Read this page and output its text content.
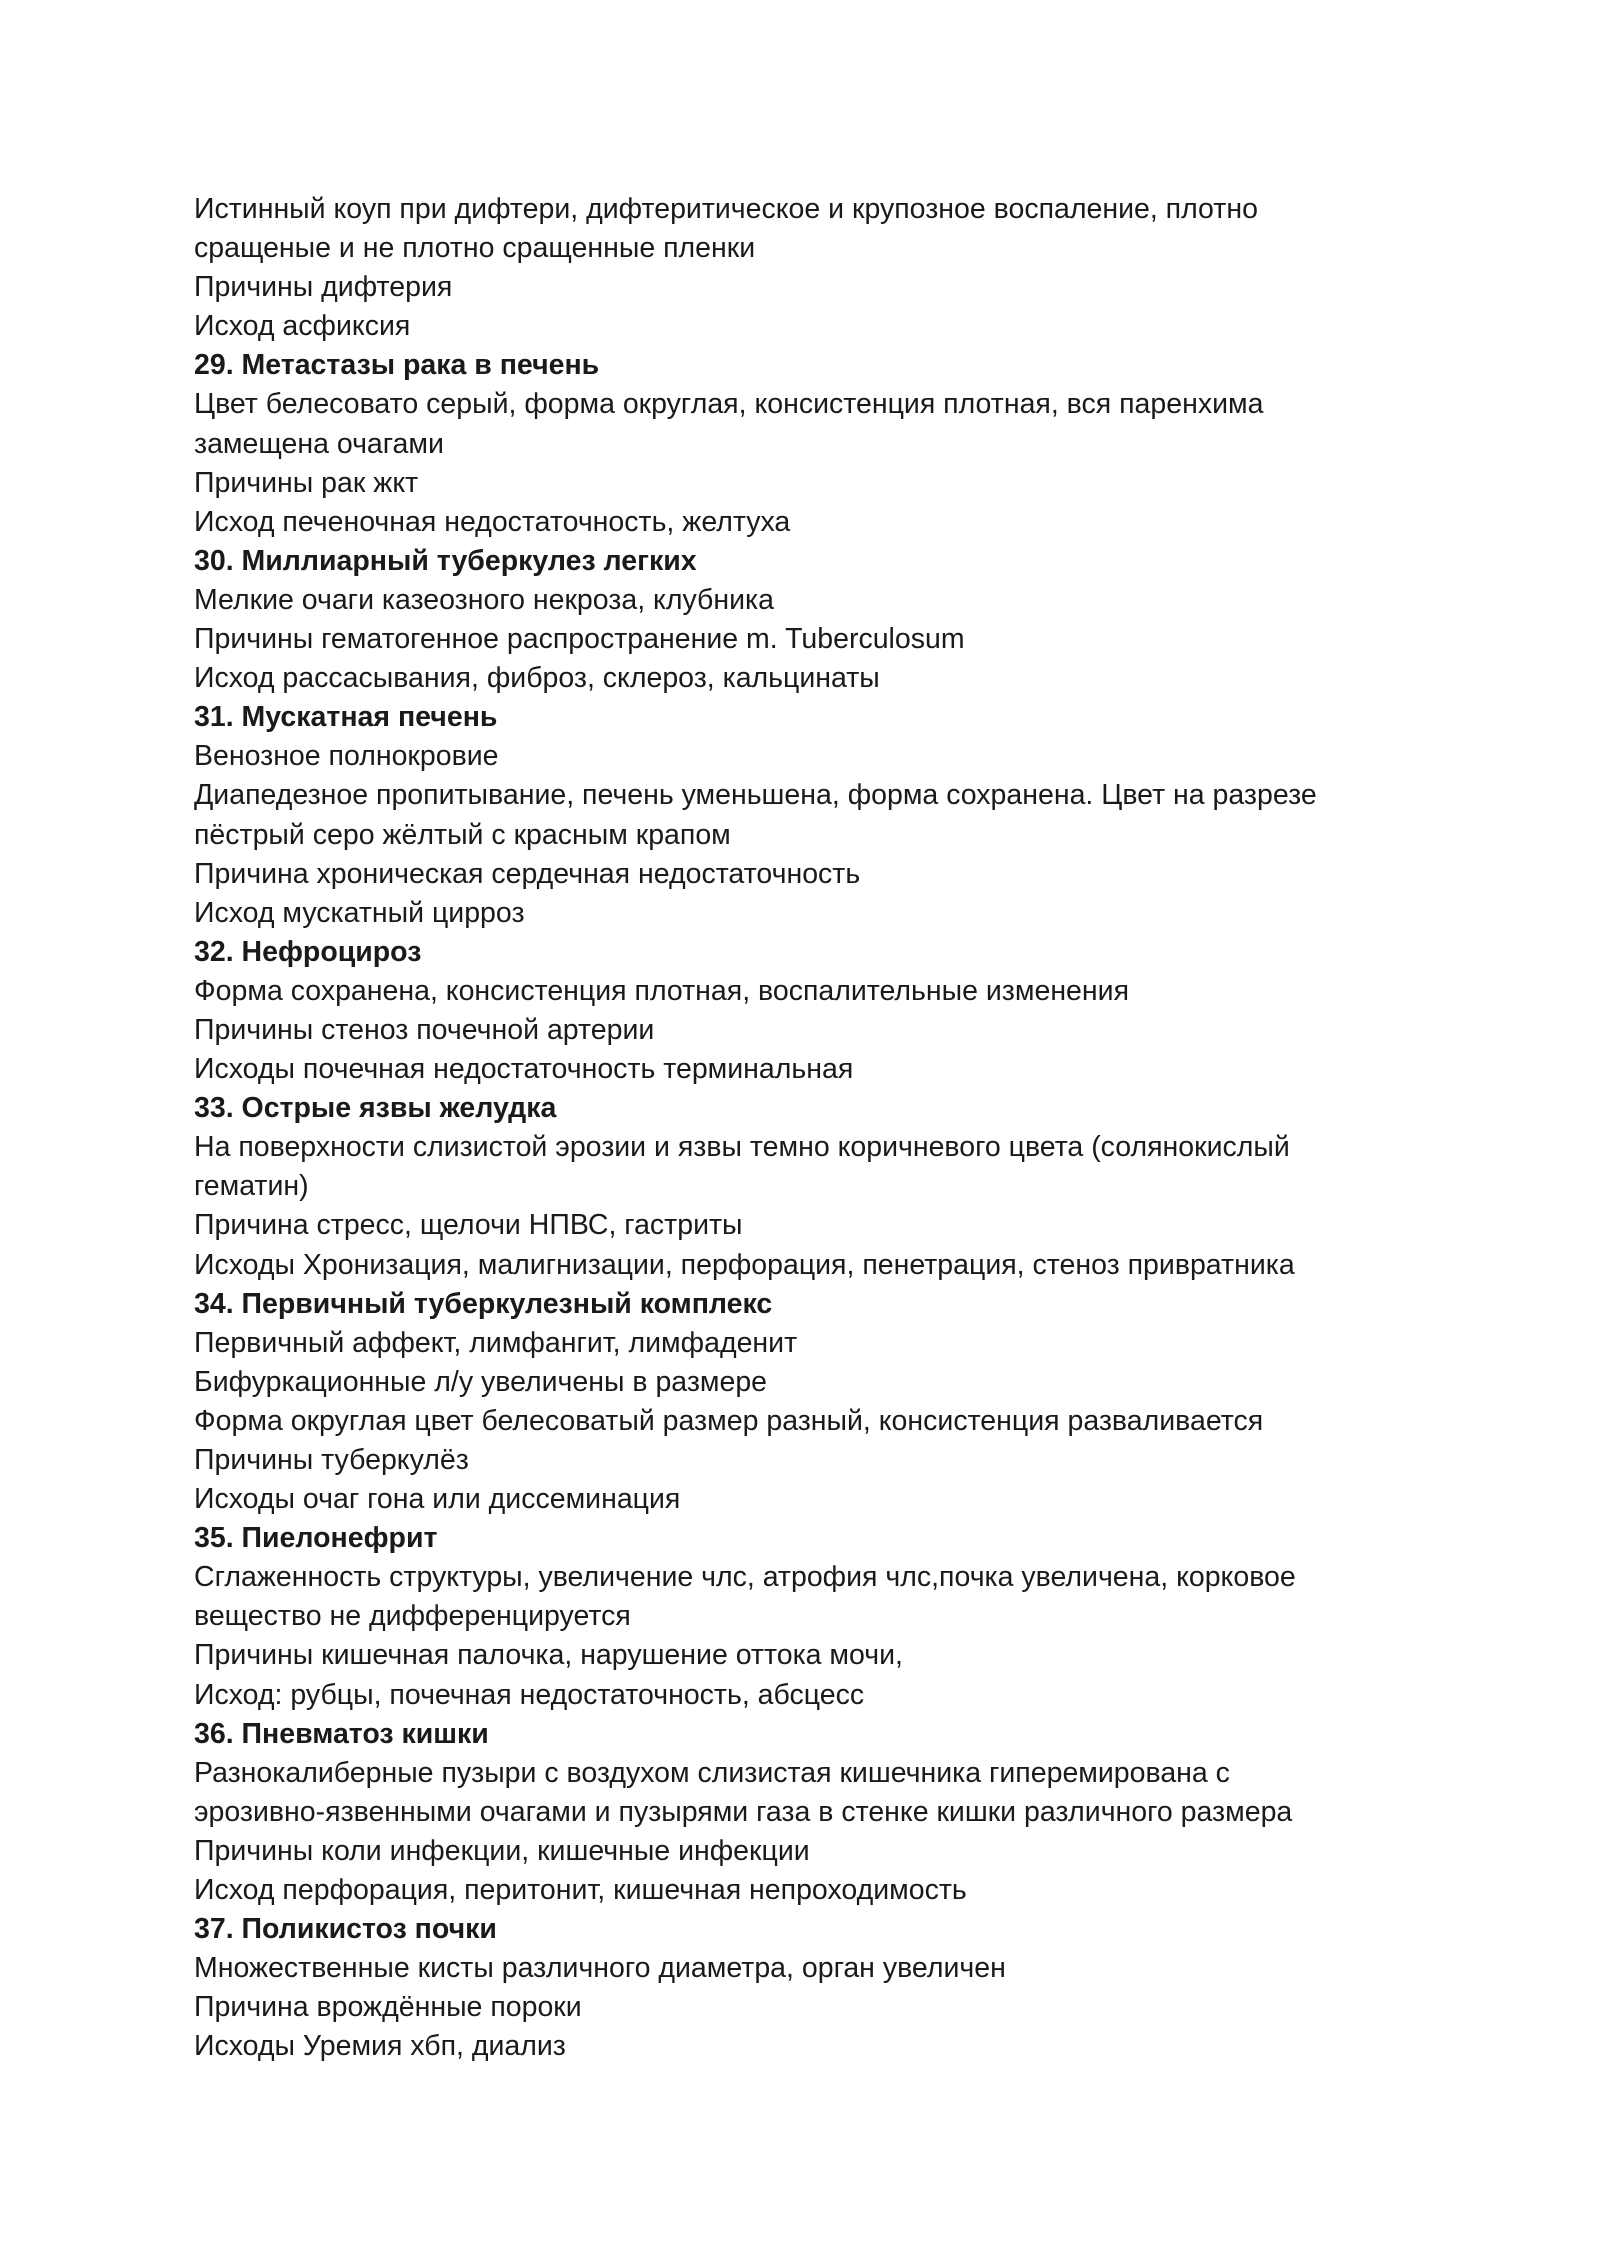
Истинный коуп при дифтери, дифтеритическое и крупозное воспаление, плотно

сращеные и не плотно сращенные пленки

Причины дифтерия

Исход асфиксия

29. Метастазы рака в печень

Цвет белесовато серый, форма округлая, консистенция плотная, вся паренхима

замещена очагами

Причины рак жкт

Исход печеночная недостаточность, желтуха

30. Миллиарный туберкулез легких

Мелкие очаги казеозного некроза, клубника

Причины гематогенное распространение m. Tuberculosum

Исход рассасывания, фиброз, склероз, кальцинаты

31. Мускатная печень

Венозное полнокровие

Диапедезное пропитывание, печень уменьшена, форма сохранена. Цвет на разрезе

пёстрый серо жёлтый с красным крапом

Причина хроническая сердечная недостаточность

Исход мускатный цирроз

32. Нефроцироз

Форма сохранена, консистенция плотная, воспалительные изменения

Причины стеноз почечной артерии

Исходы почечная недостаточность терминальная

33. Острые язвы желудка

На поверхности слизистой эрозии и язвы темно коричневого цвета (солянокислый

гематин)

Причина стресс, щелочи НПВС, гастриты

Исходы Хронизация, малигнизации, перфорация, пенетрация, стеноз привратника

34. Первичный туберкулезный комплекс

Первичный аффект, лимфангит, лимфаденит

Бифуркационные л/у увеличены в размере

Форма округлая цвет белесоватый размер разный, консистенция разваливается

Причины туберкулёз

Исходы очаг гона или диссеминация

35. Пиелонефрит

Сглаженность структуры, увеличение члс, атрофия члс,почка увеличена, корковое

вещество не дифференцируется

Причины кишечная палочка, нарушение оттока мочи,

Исход: рубцы, почечная недостаточность, абсцесс

36. Пневматоз кишки

Разнокалиберные пузыри с воздухом слизистая кишечника гиперемирована с

эрозивно-язвенными очагами и пузырями газа в стенке кишки различного размера

Причины коли инфекции, кишечные инфекции

Исход перфорация, перитонит, кишечная непроходимость

37. Поликистоз почки

Множественные кисты различного диаметра, орган увеличен

Причина врождённые пороки

Исходы Уремия хбп, диализ
